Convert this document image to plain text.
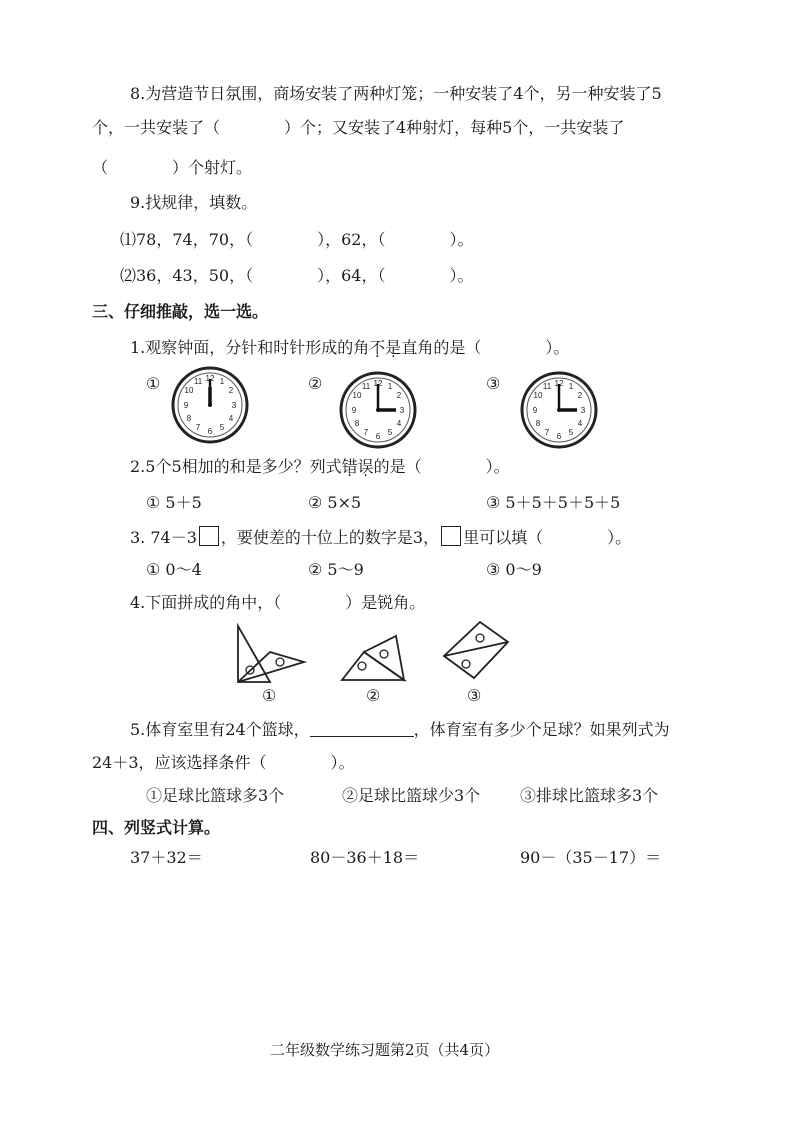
8.为营造节日氛围，商场安装了两种灯笼；一种安装了4个，另一种安装了5
个，一共安装了（　　　　）个；又安装了4种射灯，每种5个，一共安装了
（　　　　）个射灯。
9.找规律，填数。
⑴78，74，70，（　　　　），62，（　　　　）。
⑵36，43，50，（　　　　），64，（　　　　）。
三、仔细推敲，选一选。
1.观察钟面，分针和时针形成的角不是直角的是（　　　　）。
①	②	③
12 1
2
3
4
5
6
7
8
9
10
11	12 1
2
3
4
5
6
7
8
9
10
11	12 1
2
3
4
5
6
7
8
9
10
11
2.5个5相加的和是多少？列式错误的是（　　　　）。
① 5＋5	② 5×5	③ 5＋5＋5＋5＋5
3. 74－3 ，要使差的十位上的数字是3， 里可以填（　　　　）。
① 0～4	② 5～9	③ 0～9
4.下面拼成的角中，（　　　　）是锐角。
①	②	③
5.体育室里有24个篮球，	，体育室有多少个足球？如果列式为
24＋3，应该选择条件（　　　　）。
①足球比篮球多3个	②足球比篮球少3个 ③排球比篮球多3个
四、列竖式计算。
37＋32＝	80－36＋18＝	90－（35－17）＝
二年级数学练习题第2页（共4页）
